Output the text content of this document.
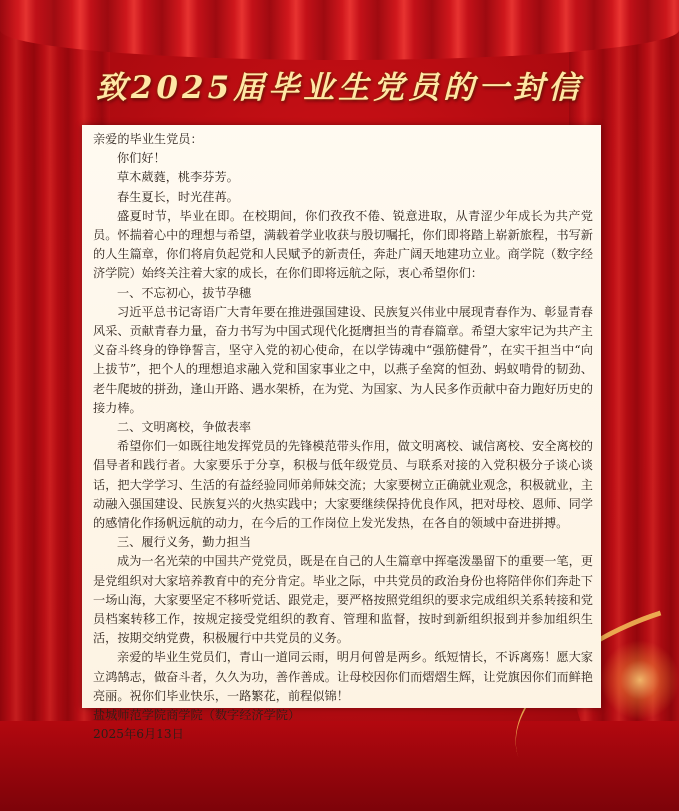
致2025届毕业生党员的一封信

亲爱的毕业生党员：

你们好！

草木葳蕤，桃李芬芳。

春生夏长，时光荏苒。

盛夏时节，毕业在即。在校期间，你们孜孜不倦、锐意进取，从青涩少年成长为共产党员。怀揣着心中的理想与希望，满载着学业收获与殷切嘱托，你们即将踏上崭新旅程，书写新的人生篇章，你们将肩负起党和人民赋予的新责任，奔赴广阔天地建功立业。商学院（数字经济学院）始终关注着大家的成长，在你们即将远航之际，衷心希望你们：

一、不忘初心，拔节孕穗

习近平总书记寄语广大青年要在推进强国建设、民族复兴伟业中展现青春作为、彰显青春风采、贡献青春力量，奋力书写为中国式现代化挺膺担当的青春篇章。希望大家牢记为共产主义奋斗终身的铮铮誓言，坚守入党的初心使命，在以学铸魂中“强筋健骨”，在实干担当中“向上拔节”，把个人的理想追求融入党和国家事业之中，以燕子垒窝的恒劲、蚂蚁啃骨的韧劲、老牛爬坡的拼劲，逢山开路、遇水架桥，在为党、为国家、为人民多作贡献中奋力跑好历史的接力棒。

二、文明离校，争做表率

希望你们一如既往地发挥党员的先锋模范带头作用，做文明离校、诚信离校、安全离校的倡导者和践行者。大家要乐于分享，积极与低年级党员、与联系对接的入党积极分子谈心谈话，把大学学习、生活的有益经验同师弟师妹交流；大家要树立正确就业观念，积极就业，主动融入强国建设、民族复兴的火热实践中；大家要继续保持优良作风，把对母校、恩师、同学的感情化作扬帆远航的动力，在今后的工作岗位上发光发热，在各自的领域中奋进拼搏。

三、履行义务，勤力担当

成为一名光荣的中国共产党党员，既是在自己的人生篇章中挥毫泼墨留下的重要一笔，更是党组织对大家培养教育中的充分肯定。毕业之际，中共党员的政治身份也将陪伴你们奔赴下一场山海，大家要坚定不移听党话、跟党走，要严格按照党组织的要求完成组织关系转接和党员档案转移工作，按规定接受党组织的教育、管理和监督，按时到新组织报到并参加组织生活，按期交纳党费，积极履行中共党员的义务。

亲爱的毕业生党员们，青山一道同云雨，明月何曾是两乡。纸短情长，不诉离殇！愿大家立鸿鹄志，做奋斗者，久久为功，善作善成。让母校因你们而熠熠生辉，让党旗因你们而鲜艳亮丽。祝你们毕业快乐，一路繁花，前程似锦！

盐城师范学院商学院（数字经济学院）

2025年6月13日
